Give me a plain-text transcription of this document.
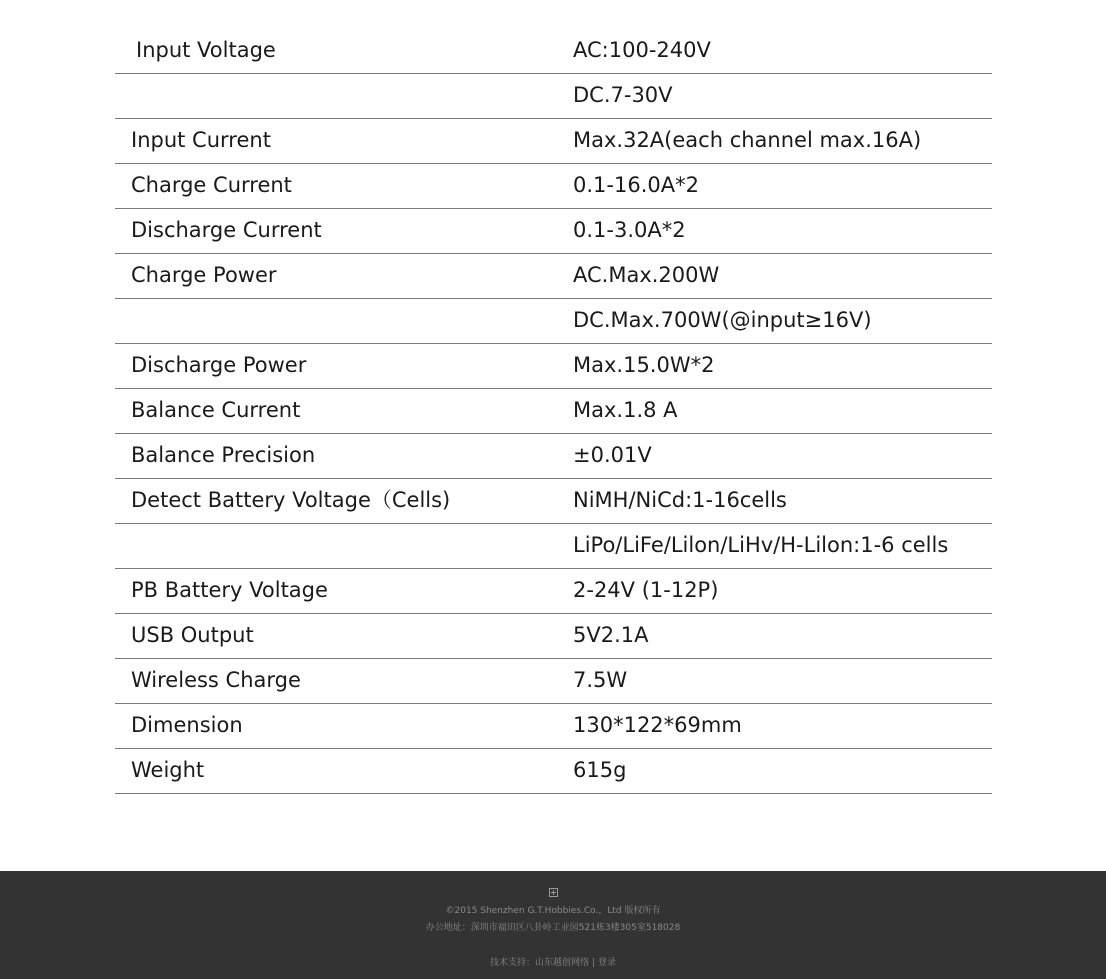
Input Voltage	AC:100-240V
	DC.7-30V
Input Current	Max.32A(each channel max.16A)
Charge Current	0.1-16.0A*2
Discharge Current	0.1-3.0A*2
Charge Power	AC.Max.200W
	DC.Max.700W(@input≥16V)
Discharge Power	Max.15.0W*2
Balance Current	Max.1.8 A
Balance Precision	±0.01V
Detect Battery Voltage（Cells)	NiMH/NiCd:1-16cells
	LiPo/LiFe/Lilon/LiHv/H-Lilon:1-6 cells
PB Battery Voltage	2-24V (1-12P)
USB Output	5V2.1A
Wireless Charge	7.5W
Dimension	130*122*69mm
Weight	615g
©2015 Shenzhen G.T.Hobbies.Co.，Ltd 版权所有
办公地址：深圳市福田区八卦岭工业园521栋3楼305室518028
技术支持：山东越创网络 | 登录
